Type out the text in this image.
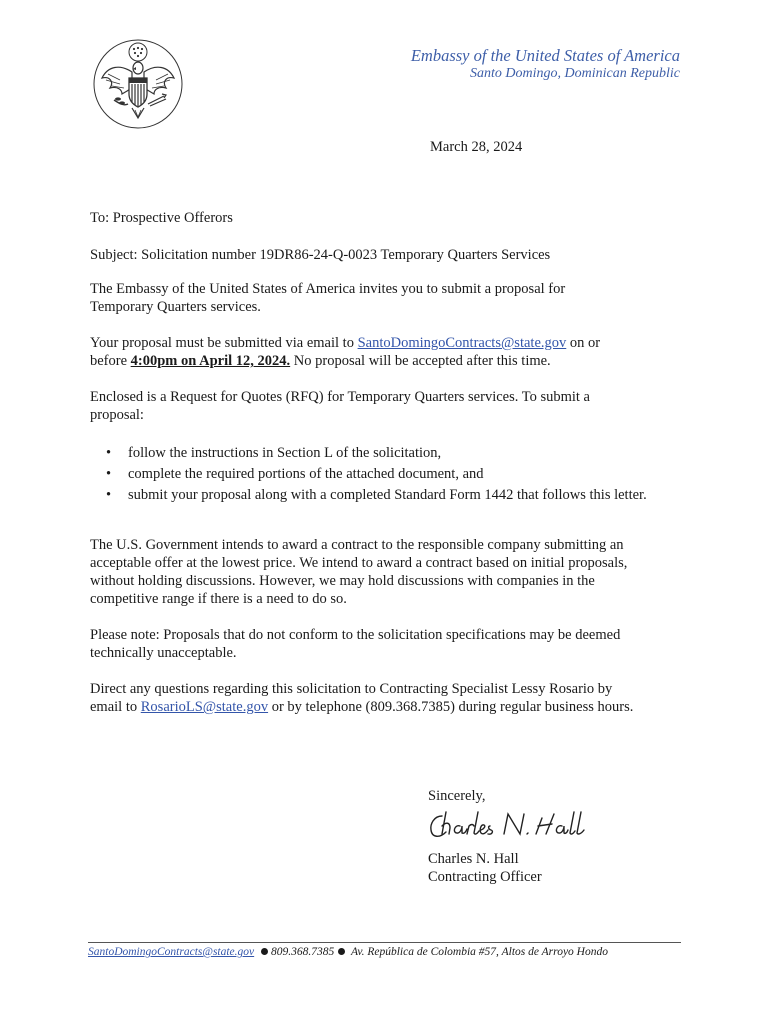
Embassy of the United States of America
Santo Domingo, Dominican Republic
March 28, 2024
To: Prospective Offerors
Subject: Solicitation number 19DR86-24-Q-0023 Temporary Quarters Services
The Embassy of the United States of America invites you to submit a proposal for
Temporary Quarters services.
Your proposal must be submitted via email to SantoDomingoContracts@state.gov on or
before 4:00pm on April 12, 2024. No proposal will be accepted after this time.
Enclosed is a Request for Quotes (RFQ) for Temporary Quarters services. To submit a
proposal:
• follow the instructions in Section L of the solicitation,
• complete the required portions of the attached document, and
• submit your proposal along with a completed Standard Form 1442 that follows this letter.
The U.S. Government intends to award a contract to the responsible company submitting an
acceptable offer at the lowest price. We intend to award a contract based on initial proposals,
without holding discussions. However, we may hold discussions with companies in the
competitive range if there is a need to do so.
Please note: Proposals that do not conform to the solicitation specifications may be deemed
technically unacceptable.
Direct any questions regarding this solicitation to Contracting Specialist Lessy Rosario by
email to RosarioLS@state.gov or by telephone (809.368.7385) during regular business hours.
Sincerely,
Charles N. Hall
Contracting Officer
SantoDomingoContracts@state.gov 809.368.7385 Av. República de Colombia #57, Altos de Arroyo Hondo
